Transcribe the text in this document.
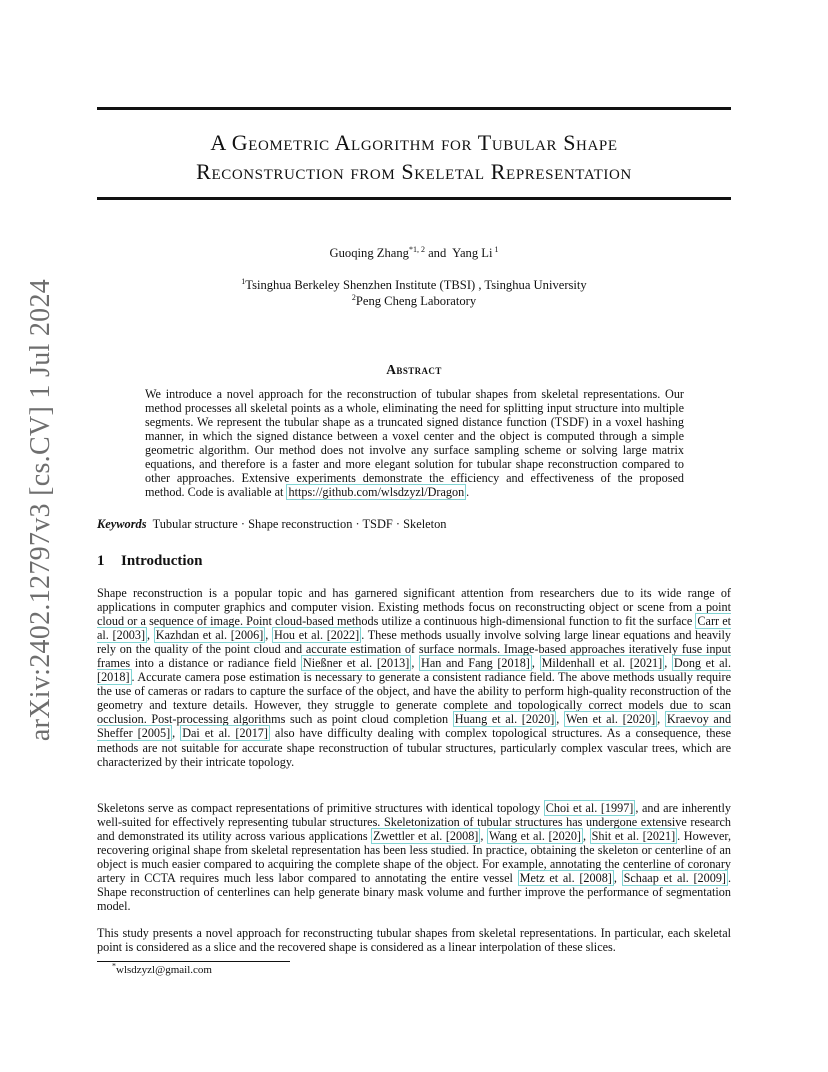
arXiv:2402.12797v3 [cs.CV] 1 Jul 2024
A Geometric Algorithm for Tubular Shape
Reconstruction from Skeletal Representation
Guoqing Zhang$^{*1, 2}$ and  Yang Li $^1$
$^1$Tsinghua Berkeley Shenzhen Institute (TBSI) , Tsinghua University
$^2$Peng Cheng Laboratory
Abstract
We introduce a novel approach for the reconstruction of tubular shapes from skeletal representations. Our method processes all skeletal points as a whole, eliminating the need for splitting input structure into multiple segments. We represent the tubular shape as a truncated signed distance function (TSDF) in a voxel hashing manner, in which the signed distance between a voxel center and the object is computed through a simple geometric algorithm. Our method does not involve any surface sampling scheme or solving large matrix equations, and therefore is a faster and more elegant solution for tubular shape reconstruction compared to other approaches. Extensive experiments demonstrate the efficiency and effectiveness of the proposed method. Code is avaliable at https://github.com/wlsdzyzl/Dragon .
Keywords Tubular structure · Shape reconstruction · TSDF · Skeleton
1 Introduction
Shape reconstruction is a popular topic and has garnered significant attention from researchers due to its wide range of applications in computer graphics and computer vision. Existing methods focus on reconstructing object or scene from a point cloud or a sequence of image. Point cloud-based methods utilize a continuous high-dimensional function to fit the surface Carr et al. [2003] , Kazhdan et al. [2006] , Hou et al. [2022] . These methods usually involve solving large linear equations and heavily rely on the quality of the point cloud and accurate estimation of surface normals. Image-based approaches iteratively fuse input frames into a distance or radiance field Nießner et al. [2013] , Han and Fang [2018] , Mildenhall et al. [2021] , Dong et al. [2018] . Accurate camera pose estimation is necessary to generate a consistent radiance field. The above methods usually require the use of cameras or radars to capture the surface of the object, and have the ability to perform high-quality reconstruction of the geometry and texture details. However, they struggle to generate complete and topologically correct models due to scan occlusion. Post-processing algorithms such as point cloud completion Huang et al. [2020] , Wen et al. [2020] , Kraevoy and Sheffer [2005] , Dai et al. [2017] also have difficulty dealing with complex topological structures. As a consequence, these methods are not suitable for accurate shape reconstruction of tubular structures, particularly complex vascular trees, which are characterized by their intricate topology.
Skeletons serve as compact representations of primitive structures with identical topology Choi et al. [1997] , and are inherently well-suited for effectively representing tubular structures. Skeletonization of tubular structures has undergone extensive research and demonstrated its utility across various applications Zwettler et al. [2008] , Wang et al. [2020] , Shit et al. [2021] . However, recovering original shape from skeletal representation has been less studied. In practice, obtaining the skeleton or centerline of an object is much easier compared to acquiring the complete shape of the object. For example, annotating the centerline of coronary artery in CCTA requires much less labor compared to annotating the entire vessel Metz et al. [2008] , Schaap et al. [2009] . Shape reconstruction of centerlines can help generate binary mask volume and further improve the performance of segmentation model.
This study presents a novel approach for reconstructing tubular shapes from skeletal representations. In particular, each skeletal point is considered as a slice and the recovered shape is considered as a linear interpolation of these slices.
*wlsdzyzl@gmail.com
